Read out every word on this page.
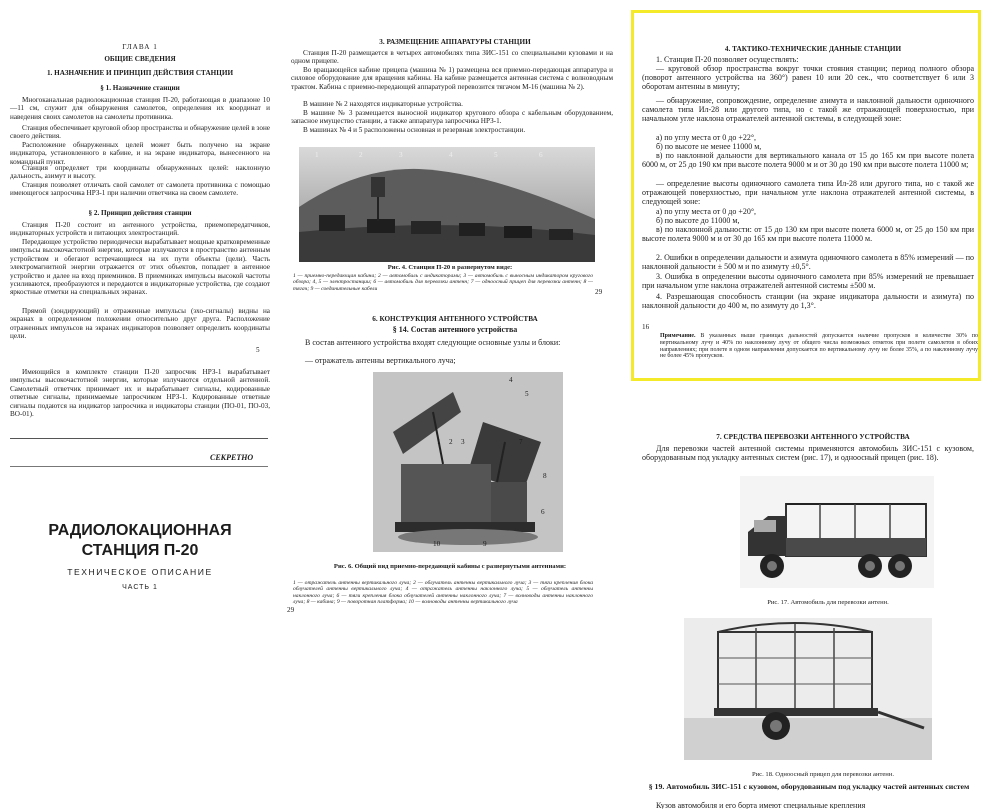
ГЛАВА 1

ОБЩИЕ СВЕДЕНИЯ

1. НАЗНАЧЕНИЕ И ПРИНЦИП ДЕЙСТВИЯ СТАНЦИИ

§ 1. Назначение станции

Многоканальная радиолокационная станция П-20, работающая в диапазоне 10—11 см, служит для обнаружения самолетов, определения их координат и наведения своих самолетов на самолеты противника.

Станция обеспечивает круговой обзор пространства и обнаружение целей в зоне своего действия.

Расположение обнаруженных целей может быть получено на экране индикатора, установленного в кабине, и на экране индикатора, вынесенного на командный пункт.

Станция определяет три координаты обнаруженных целей: наклонную дальность, азимут и высоту.

Станция позволяет отличать свой самолет от самолета противника с помощью имеющегося запросчика НРЗ-1 при наличии ответчика на своем самолете.

§ 2. Принцип действия станции

Станция П-20 состоит из антенного устройства, приемопередатчиков, индикаторных устройств и питающих электростанций.

Передающее устройство периодически вырабатывает мощные кратковременные импульсы высокочастотной энергии, которые излучаются в пространство антенным устройством и обегают встречающиеся на их пути объекты (цели). Часть электромагнитной энергии отражается от этих объектов, попадает в антенное устройство и далее на вход приемников. В приемниках импульсы высокой частоты усиливаются, преобразуются и передаются в индикаторные устройства, где создают яркостные отметки на специальных экранах.

Прямой (зондирующий) и отраженные импульсы (эхо-сигналы) видны на экранах в определенном положении относительно друг друга. Расположение отраженных импульсов на экранах индикаторов позволяет определить координаты цели.

5

Имеющийся в комплекте станции П-20 запросчик НРЗ-1 вырабатывает импульсы высокочастотной энергии, которые излучаются отдельной антенной. Самолетный ответчик принимает их и вырабатывает сигналы, кодированные ответные сигналы, принимаемые запросчиком НРЗ-1. Кодированные ответные сигналы подаются на индикатор запросчика и индикаторы станции (ПО-01, ПО-03, ВО-01).

СЕКРЕТНО

РАДИОЛОКАЦИОННАЯ

СТАНЦИЯ П-20

ТЕХНИЧЕСКОЕ ОПИСАНИЕ

ЧАСТЬ 1

3. РАЗМЕЩЕНИЕ АППАРАТУРЫ СТАНЦИИ

Станция П-20 размещается в четырех автомобилях типа ЗИС-151 со специальными кузовами и на одном прицепе.

Во вращающейся кабине прицепа (машина № 1) размещена вся приемно-передающая аппаратура и силовое оборудование для вращения кабины. На кабине размещается антенная система с волноводным трактом. Кабина с приемно-передающей аппаратурой перевозится тягачом М-16 (машина № 2).

В машине № 2 находятся индикаторные устройства.

В машине № 3 размещается выносной индикатор кругового обзора с кабельным оборудованием, запасное имущество станции, а также аппаратура запросчика НРЗ-1.

В машинах № 4 и 5 расположены основная и резервная электростанции.

1	2	3	4	5	6

Рис. 4. Станция П-20 в развернутом виде:

1 — приемно-передающая кабина; 2 — автомобиль с индикаторами; 3 — автомобиль с выносным индикатором кругового обзора; 4, 5 — электростанции; 6 — автомобиль для перевозки антенн; 7 — одноосный прицеп для перевозки антенн; 8 — тягач; 9 — соединительные кабели	29

6. КОНСТРУКЦИЯ АНТЕННОГО УСТРОЙСТВА

§ 14. Состав антенного устройства

В состав антенного устройства входят следующие основные узлы и блоки:

— отражатель антенны вертикального луча;

4
5
1 2 3	7
6
8
10	9

Рис. 6. Общий вид приемно-передающей кабины с развернутыми антеннами:

1 — отражатель антенны вертикального луча; 2 — облучатель антенны вертикального луча; 3 — тяги крепления блока облучателей антенны вертикального луча; 4 — отражатель антенны наклонного луча; 5 — облучатель антенны наклонного луча; 6 — тяги крепления блока облучателей антенны наклонного луча; 7 — волноводы антенны наклонного луча; 8 — кабина; 9 — поворотная платформа; 10 — волноводы антенны вертикального луча

29

4. ТАКТИКО-ТЕХНИЧЕСКИЕ ДАННЫЕ СТАНЦИИ

1. Станция П-20 позволяет осуществлять:

— круговой обзор пространства вокруг точки стояния станции; период полного обзора (поворот антенного устройства на 360°) равен 10 или 20 сек., что соответствует 6 или 3 оборотам антенны в минуту;

— обнаружение, сопровождение, определение азимута и наклонной дальности одиночного самолета типа Ил-28 или другого типа, но с такой же отражающей поверхностью, при начальном угле наклона отражателей антенной системы, в следующей зоне:

а) по углу места от 0 до +22°,

б) по высоте не менее 11000 м,

в) по наклонной дальности для вертикального канала от 15 до 165 км при высоте полета 6000 м, от 25 до 190 км при высоте полета 9000 м и от 30 до 190 км при высоте полета 11000 м;

— определение высоты одиночного самолета типа Ил-28 или другого типа, но с такой же отражающей поверхностью, при начальном угле наклона отражателей антенной системы, в следующей зоне:

а) по углу места от 0 до +20°,

б) по высоте до 11000 м,

в) по наклонной дальности: от 15 до 130 км при высоте полета 6000 м, от 25 до 150 км при высоте полета 9000 м и от 30 до 165 км при высоте полета 11000 м.

2. Ошибки в определении дальности и азимута одиночного самолета в 85% измерений — по наклонной дальности ± 500 м и по азимуту ±0,5°.

3. Ошибка в определении высоты одиночного самолета при 85% измерений не превышает при начальном угле наклона отражателей антенной системы ±500 м.

4. Разрешающая способность станции (на экране индикатора дальности и азимута) по наклонной дальности до 400 м, по азимуту до 1,3°.

16

Примечание. В указанных выше границах дальностей допускается наличие пропусков в количестве 30% по вертикальному лучу и 40% по наклонному лучу от общего числа возможных отметок при полете самолетов в обоих направлениях; при полете в одном направлении допускается по вертикальному лучу не более 35%, а по наклонному лучу не более 45% пропусков.

7. СРЕДСТВА ПЕРЕВОЗКИ АНТЕННОГО УСТРОЙСТВА

Для перевозки частей антенной системы применяются автомобиль ЗИС-151 с кузовом, оборудованным под укладку антенных систем (рис. 17), и одноосный прицеп (рис. 18).

Рис. 17. Автомобиль для перевозки антенн.

Рис. 18. Одноосный прицеп для перевозки антенн.

§ 19. Автомобиль ЗИС-151 с кузовом, оборудованным под укладку частей антенных систем

Кузов автомобиля и его борта имеют специальные крепления
